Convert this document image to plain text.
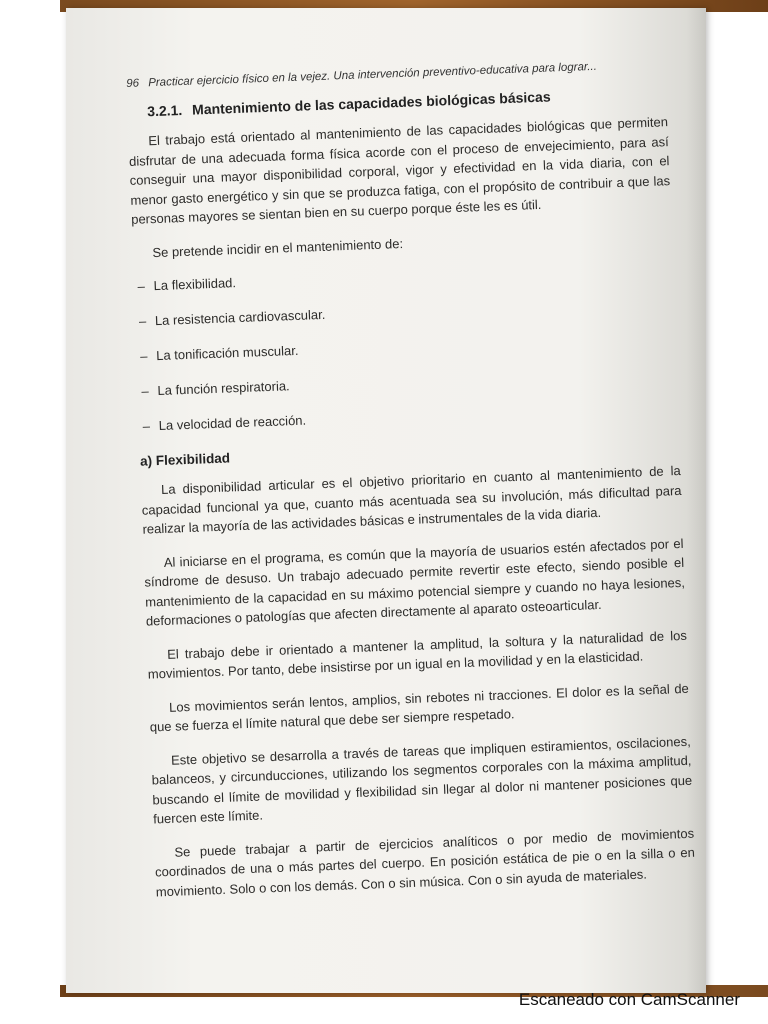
96 Practicar ejercicio físico en la vejez. Una intervención preventivo-educativa para lograr...
3.2.1. Mantenimiento de las capacidades biológicas básicas

El trabajo está orientado al mantenimiento de las capacidades biológicas que permiten disfrutar de una adecuada forma física acorde con el proceso de envejecimiento, para así conseguir una mayor disponibilidad corporal, vigor y efectividad en la vida diaria, con el menor gasto energético y sin que se produzca fatiga, con el propósito de contribuir a que las personas mayores se sientan bien en su cuerpo porque éste les es útil.

Se pretende incidir en el mantenimiento de:

– La flexibilidad.
– La resistencia cardiovascular.
– La tonificación muscular.
– La función respiratoria.
– La velocidad de reacción.
a) Flexibilidad

La disponibilidad articular es el objetivo prioritario en cuanto al mantenimiento de la capacidad funcional ya que, cuanto más acentuada sea su involución, más dificultad para realizar la mayoría de las actividades básicas e instrumentales de la vida diaria.

Al iniciarse en el programa, es común que la mayoría de usuarios estén afectados por el síndrome de desuso. Un trabajo adecuado permite revertir este efecto, siendo posible el mantenimiento de la capacidad en su máximo potencial siempre y cuando no haya lesiones, deformaciones o patologías que afecten directamente al aparato osteoarticular.

El trabajo debe ir orientado a mantener la amplitud, la soltura y la naturalidad de los movimientos. Por tanto, debe insistirse por un igual en la movilidad y en la elasticidad.

Los movimientos serán lentos, amplios, sin rebotes ni tracciones. El dolor es la señal de que se fuerza el límite natural que debe ser siempre respetado.

Este objetivo se desarrolla a través de tareas que impliquen estiramientos, oscilaciones, balanceos, y circunducciones, utilizando los segmentos corporales con la máxima amplitud, buscando el límite de movilidad y flexibilidad sin llegar al dolor ni mantener posiciones que fuercen este límite.

Se puede trabajar a partir de ejercicios analíticos o por medio de movimientos coordinados de una o más partes del cuerpo. En posición estática de pie o en la silla o en movimiento. Solo o con los demás. Con o sin música. Con o sin ayuda de materiales.

Escaneado con CamScanner
